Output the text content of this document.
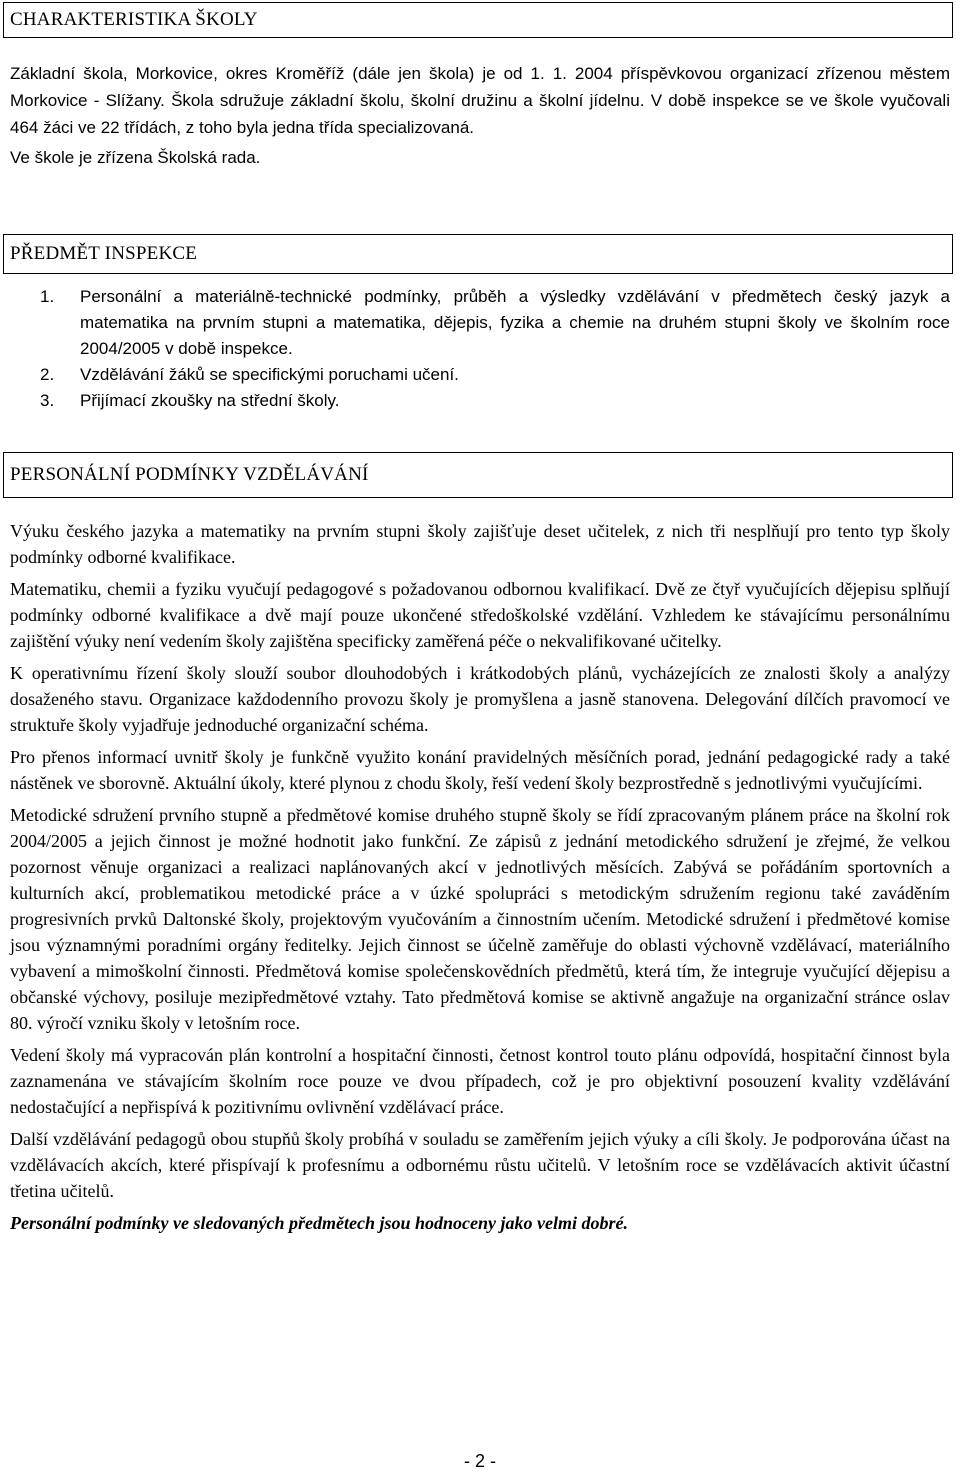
CHARAKTERISTIKA ŠKOLY

Základní škola, Morkovice, okres Kroměříž (dále jen škola) je od 1. 1. 2004 příspěvkovou organizací zřízenou městem Morkovice - Slížany. Škola sdružuje základní školu, školní družinu a školní jídelnu. V době inspekce se ve škole vyučovali 464 žáci ve 22 třídách, z toho byla jedna třída specializovaná.

Ve škole je zřízena Školská rada.

PŘEDMĚT INSPEKCE
1. Personální a materiálně-technické podmínky, průběh a výsledky vzdělávání v předmětech český jazyk a matematika na prvním stupni a matematika, dějepis, fyzika a chemie na druhém stupni školy ve školním roce 2004/2005 v době inspekce.
2. Vzdělávání žáků se specifickými poruchami učení.
3. Přijímací zkoušky na střední školy.
PERSONÁLNÍ PODMÍNKY VZDĚLÁVÁNÍ

Výuku českého jazyka a matematiky na prvním stupni školy zajišťuje deset učitelek, z nich tři nesplňují pro tento typ školy podmínky odborné kvalifikace.

Matematiku, chemii a fyziku vyučují pedagogové s požadovanou odbornou kvalifikací. Dvě ze čtyř vyučujících dějepisu splňují podmínky odborné kvalifikace a dvě mají pouze ukončené středoškolské vzdělání. Vzhledem ke stávajícímu personálnímu zajištění výuky není vedením školy zajištěna specificky zaměřená péče o nekvalifikované učitelky.

K operativnímu řízení školy slouží soubor dlouhodobých i krátkodobých plánů, vycházejících ze znalosti školy a analýzy dosaženého stavu. Organizace každodenního provozu školy je promyšlena a jasně stanovena. Delegování dílčích pravomocí ve struktuře školy vyjadřuje jednoduché organizační schéma.

Pro přenos informací uvnitř školy je funkčně využito konání pravidelných měsíčních porad, jednání pedagogické rady a také nástěnek ve sborovně. Aktuální úkoly, které plynou z chodu školy, řeší vedení školy bezprostředně s jednotlivými vyučujícími.

Metodické sdružení prvního stupně a předmětové komise druhého stupně školy se řídí zpracovaným plánem práce na školní rok 2004/2005 a jejich činnost je možné hodnotit jako funkční. Ze zápisů z jednání metodického sdružení je zřejmé, že velkou pozornost věnuje organizaci a realizaci naplánovaných akcí v jednotlivých měsících. Zabývá se pořádáním sportovních a kulturních akcí, problematikou metodické práce a v úzké spolupráci s metodickým sdružením regionu také zaváděním progresivních prvků Daltonské školy, projektovým vyučováním a činnostním učením. Metodické sdružení i předmětové komise jsou významnými poradními orgány ředitelky. Jejich činnost se účelně zaměřuje do oblasti výchovně vzdělávací, materiálního vybavení a mimoškolní činnosti. Předmětová komise společenskovědních předmětů, která tím, že integruje vyučující dějepisu a občanské výchovy, posiluje mezipředmětové vztahy. Tato předmětová komise se aktivně angažuje na organizační stránce oslav 80. výročí vzniku školy v letošním roce.

Vedení školy má vypracován plán kontrolní a hospitační činnosti, četnost kontrol touto plánu odpovídá, hospitační činnost byla zaznamenána ve stávajícím školním roce pouze ve dvou případech, což je pro objektivní posouzení kvality vzdělávání nedostačující a nepřispívá k pozitivnímu ovlivnění vzdělávací práce.

Další vzdělávání pedagogů obou stupňů školy probíhá v souladu se zaměřením jejich výuky a cíli školy. Je podporována účast na vzdělávacích akcích, které přispívají k profesnímu a odbornému růstu učitelů. V letošním roce se vzdělávacích aktivit účastní třetina učitelů.

Personální podmínky ve sledovaných předmětech jsou hodnoceny jako velmi dobré.

- 2 -
